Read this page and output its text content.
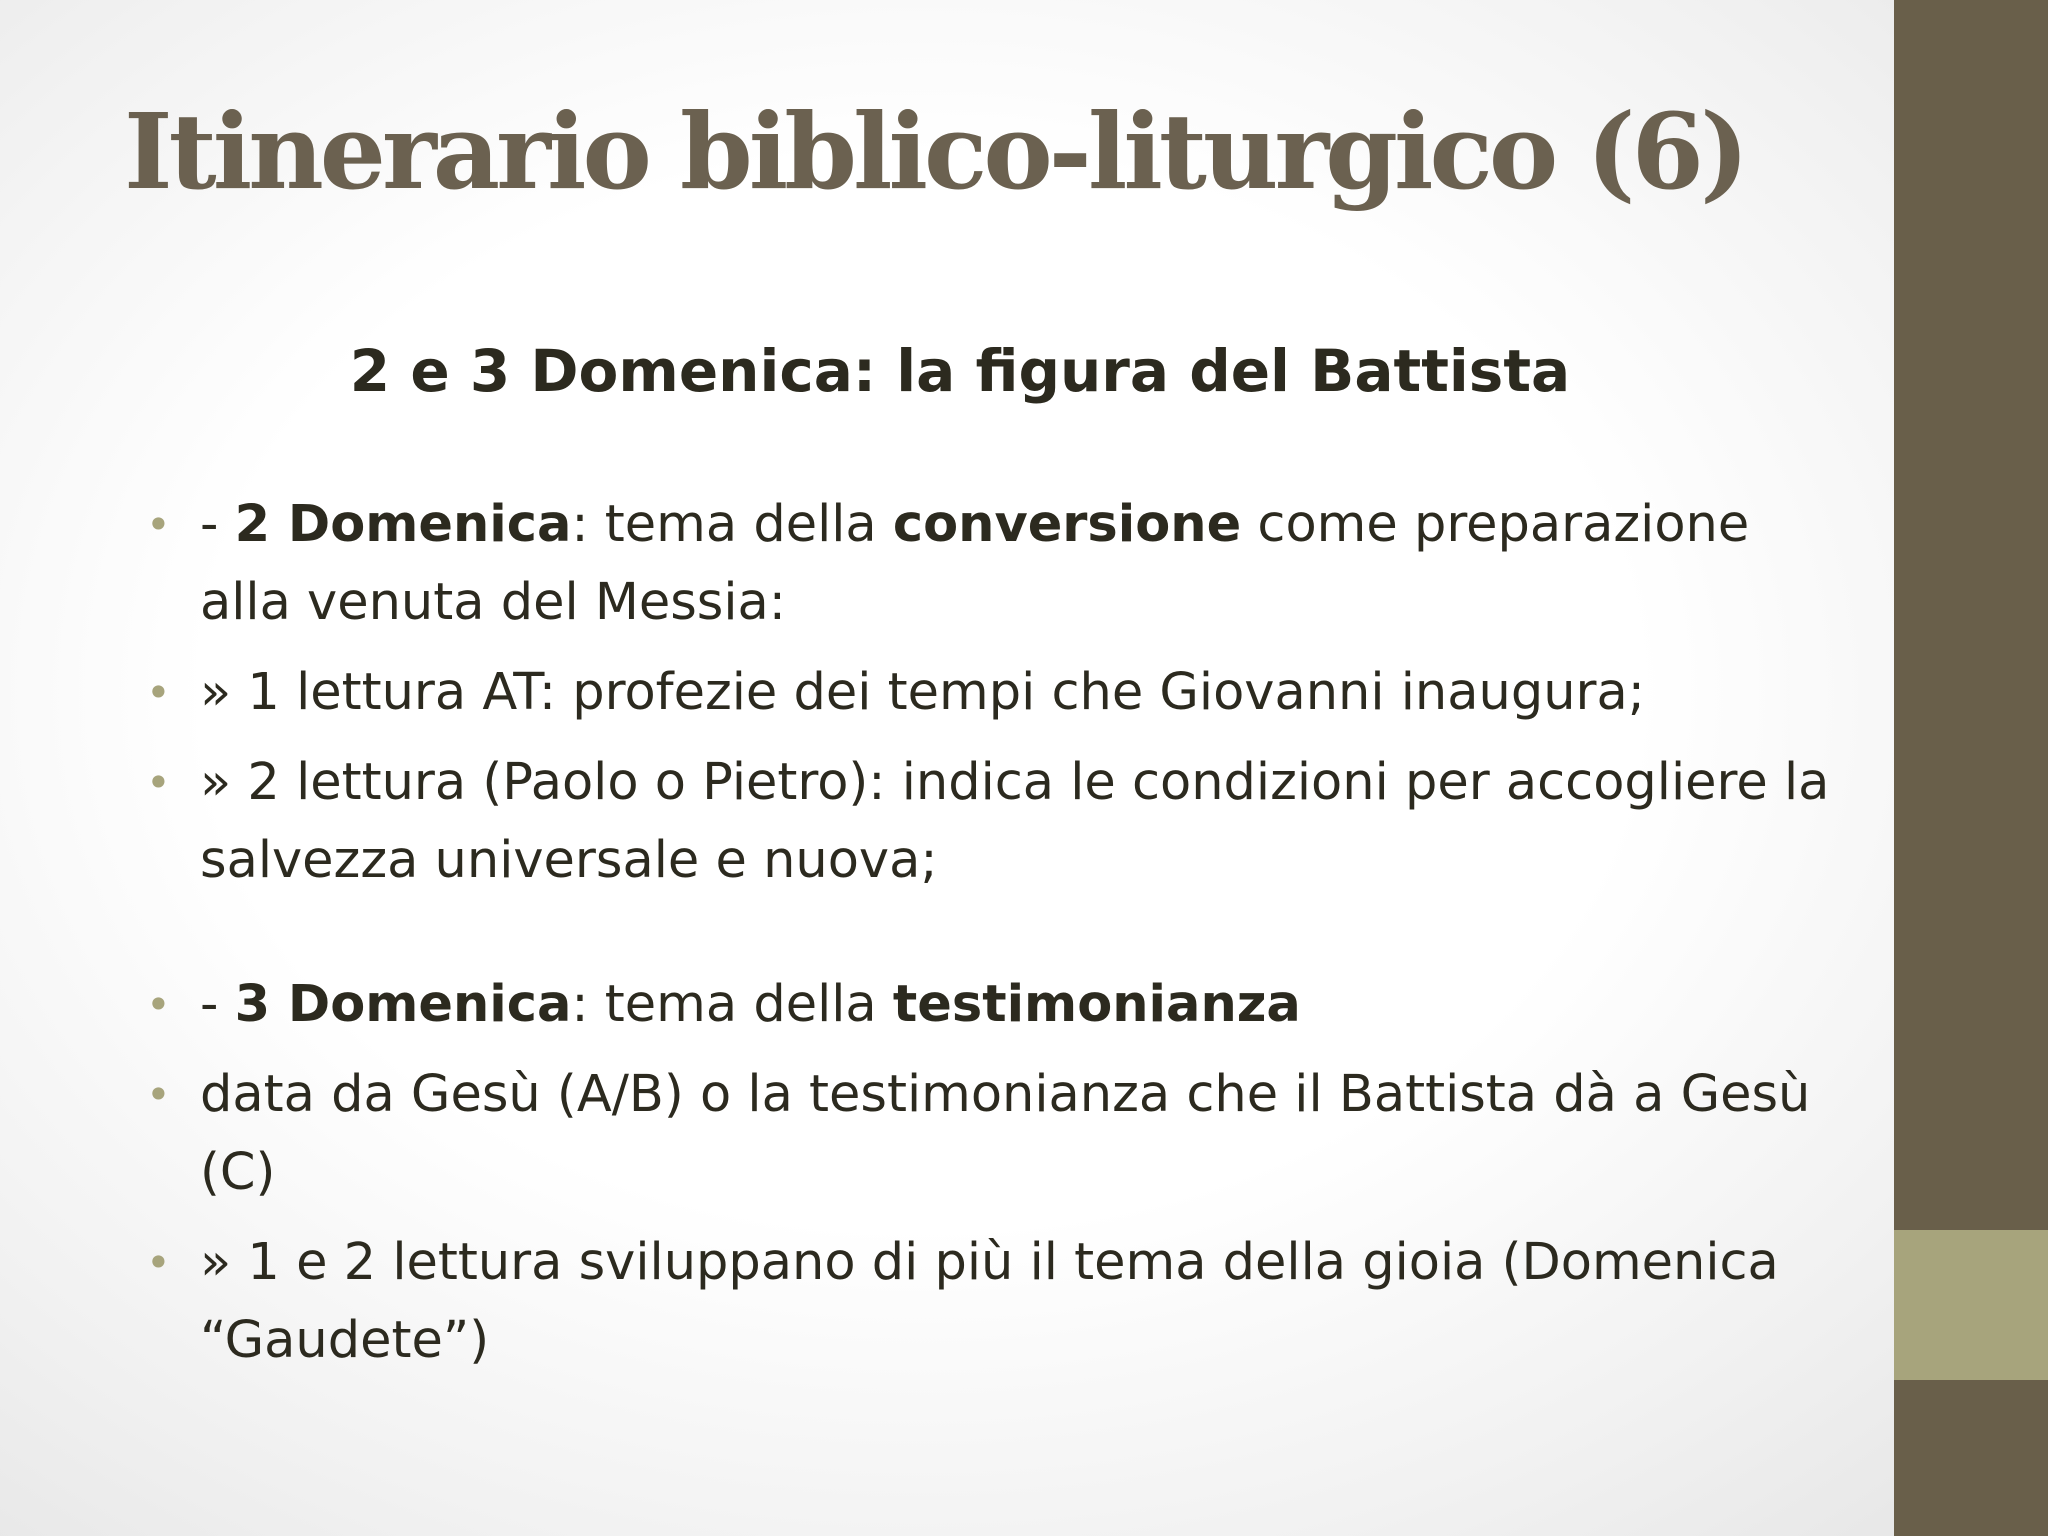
Itinerario biblico-liturgico (6)
2 e 3 Domenica: la figura del Battista
• - 2 Domenica: tema della conversione come preparazione alla venuta del Messia:
• » 1 lettura AT: profezie dei tempi che Giovanni inaugura;
• » 2 lettura (Paolo o Pietro): indica le condizioni per accogliere la salvezza universale e nuova;
• - 3 Domenica: tema della testimonianza
• data da Gesù (A/B) o la testimonianza che il Battista dà a Gesù (C)
• » 1 e 2 lettura sviluppano di più il tema della gioia (Domenica “Gaudete”)
